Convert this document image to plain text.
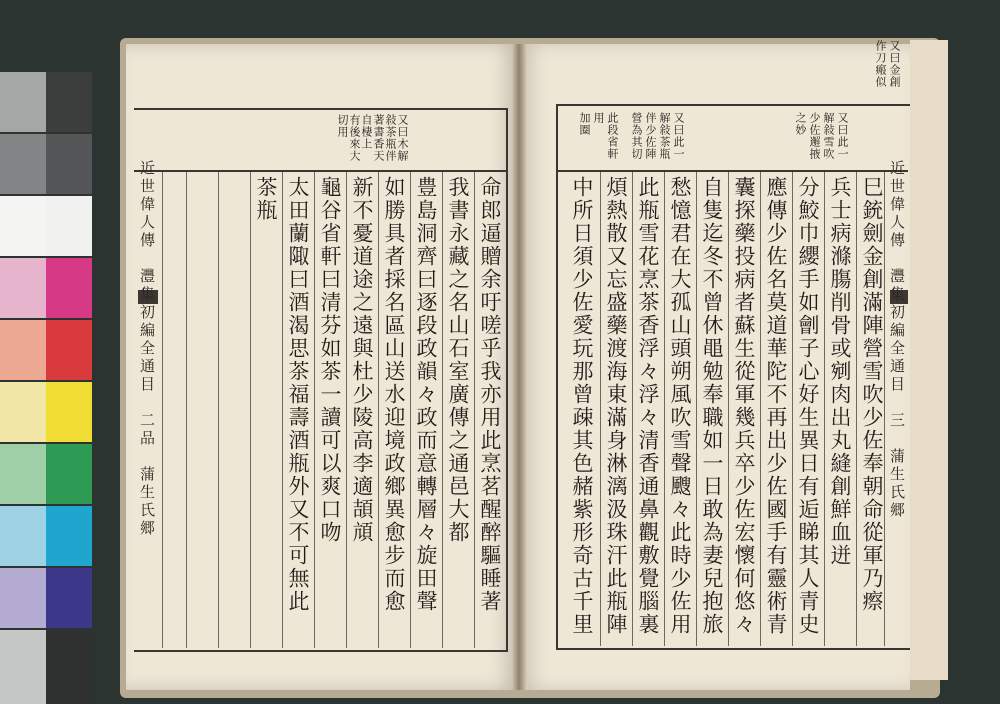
又曰木解
敍茶瓶伴
著書香天
自棲上
有後來大
切用
命郎逼贈余吁嗟乎我亦用此烹茗醒醉驅睡著
我書永藏之名山石室廣傳之通邑大都
豊島洞齊曰逐段政韻々政而意轉層々旋田聲
如勝具者採名區山送水迎境政鄉異愈步而愈
新不憂道途之遠與杜少陵高李適頡頏
龜谷省軒曰清芬如茶一讀可以爽口吻
太田蘭陬曰酒渴思茶福壽酒瓶外又不可無此
茶瓶
近世偉人傳　灃集初編全通目　二品　蒲生氏郷
又曰金創
作刀瘢似
又曰此一
解敍雪吹
少佐邂掖
之妙
又曰此一
解敍茶瓶
伴少佐陣
營為其切
此段省軒
用
加圈
巳銃劍金創滿陣營雪吹少佐奉朝命從軍乃瘵
兵士病滌膓削骨或剜肉出丸縫創鮮血迸
分鮫巾纓手如劊子心好生異日有逅睇其人青史
應傳少佐名莫道華陀不再出少佐國手有靈術青
囊探藥投病者蘇生從軍幾兵卒少佐宏懷何悠々
自隻迄冬不曾休黽勉奉職如一日敢為妻兒抱旅
愁憶君在大孤山頭朔風吹雪聲颼々此時少佐用
此瓶雪花烹茶香浮々浮々清香通鼻觀敷覺腦裏
煩熱散又忘盛藥渡海東滿身淋漓汲珠汗此瓶陣
中所日須少佐愛玩那曾疎其色赭紫形奇古千里	近世偉人傳　灃集初編全通目　三　蒲生氏郷
